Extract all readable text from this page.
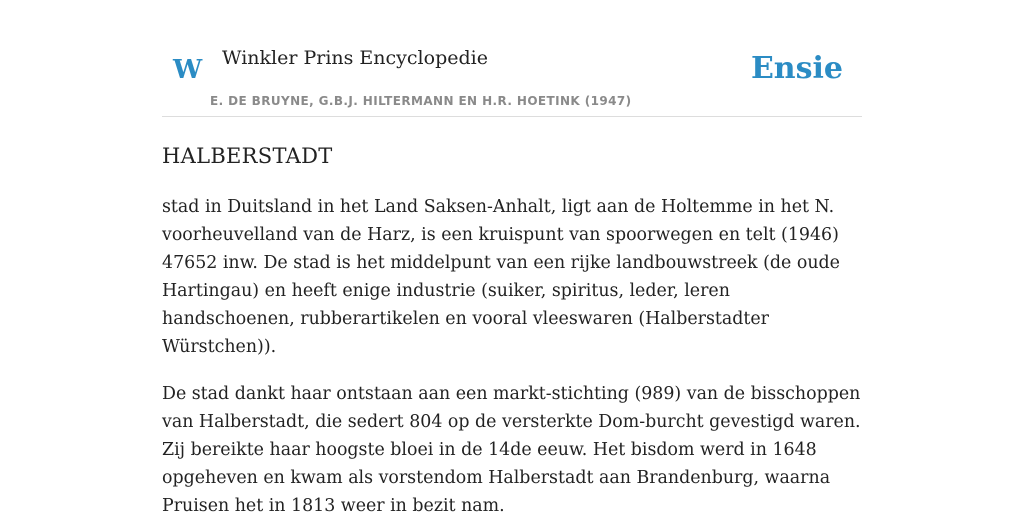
W Winkler Prins Encyclopedie
E. DE BRUYNE, G.B.J. HILTERMANN EN H.R. HOETINK (1947)
Ensie
HALBERSTADT

stad in Duitsland in het Land Saksen-Anhalt, ligt aan de Holtemme in het N. voorheuvelland van de Harz, is een kruispunt van spoorwegen en telt (1946) 47652 inw. De stad is het middelpunt van een rijke landbouwstreek (de oude Hartingau) en heeft enige industrie (suiker, spiritus, leder, leren handschoenen, rubberartikelen en vooral vleeswaren (Halberstadter Würstchen)).

De stad dankt haar ontstaan aan een markt-stichting (989) van de bisschoppen van Halberstadt, die sedert 804 op de versterkte Dom-burcht gevestigd waren. Zij bereikte haar hoogste bloei in de 14de eeuw. Het bisdom werd in 1648 opgeheven en kwam als vorstendom Halberstadt aan Brandenburg, waarna Pruisen het in 1813 weer in bezit nam.
